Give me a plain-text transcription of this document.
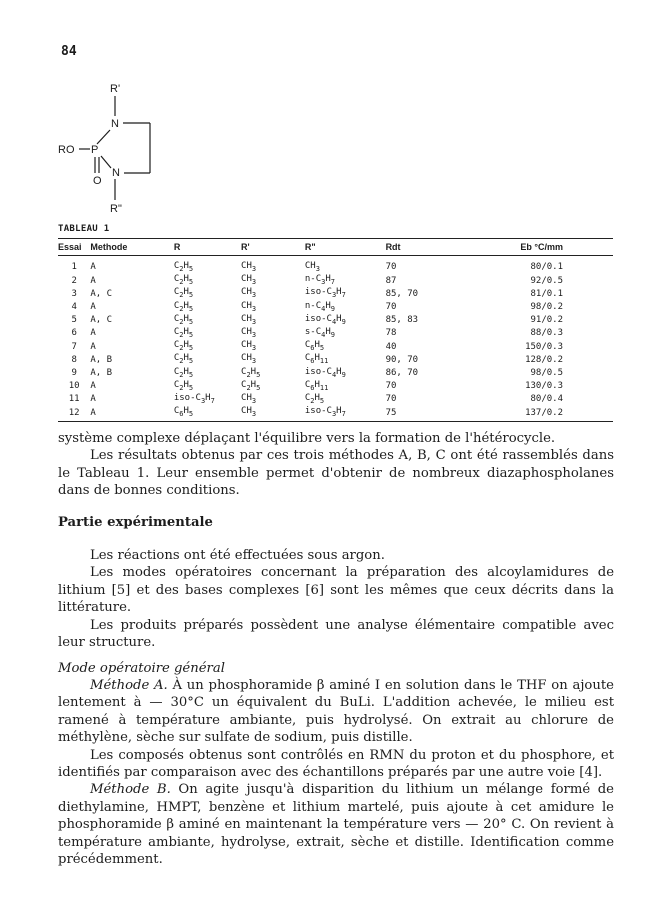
84
R'
N
RO P
O
N
R"
TABLEAU 1
Essai	Methode	R	R'	R"	Rdt	Eb °C/mm
1	A	$C_2H_5$	$CH_3$	$CH_3$	70	80/0.1
2	A	$C_2H_5$	$CH_3$	$n-C_3H_7$	87	92/0.5
3	A, C	$C_2H_5$	$CH_3$	iso-$C_3H_7$	85, 70	81/0.1
4	A	$C_2H_5$	$CH_3$	$n-C_4H_9$	70	98/0.2
5	A, C	$C_2H_5$	$CH_3$	iso-$C_4H_9$	85, 83	91/0.2
6	A	$C_2H_5$	$CH_3$	$s-C_4H_9$	78	88/0.3
7	A	$C_2H_5$	$CH_3$	$C_6H_5$	40	150/0.3
8	A, B	$C_2H_5$	$CH_3$	$C_6H_{11}$	90, 70	128/0.2
9	A, B	$C_2H_5$	$C_2H_5$	iso-$C_4H_9$	86, 70	98/0.5
10	A	$C_2H_5$	$C_2H_5$	$C_6H_{11}$	70	130/0.3
11	A	iso-$C_3H_7$	$CH_3$	$C_2H_5$	70	80/0.4
12	A	$C_6H_5$	$CH_3$	iso-$C_3H_7$	75	137/0.2

système complexe déplaçant l'équilibre vers la formation de l'hétérocycle.

Les résultats obtenus par ces trois méthodes A, B, C ont été rassemblés dans le Tableau 1. Leur ensemble permet d'obtenir de nombreux diazaphospholanes dans de bonnes conditions.

Partie expérimentale

Les réactions ont été effectuées sous argon.

Les modes opératoires concernant la préparation des alcoylamidures de lithium [5] et des bases complexes [6] sont les mêmes que ceux décrits dans la littérature.

Les produits préparés possèdent une analyse élémentaire compatible avec leur structure.

Mode opératoire général

Méthode A. À un phosphoramide β aminé I en solution dans le THF on ajoute lentement à — 30°C un équivalent du BuLi. L'addition achevée, le milieu est ramené à température ambiante, puis hydrolysé. On extrait au chlorure de méthylène, sèche sur sulfate de sodium, puis distille.

Les composés obtenus sont contrôlés en RMN du proton et du phosphore, et identifiés par comparaison avec des échantillons préparés par une autre voie [4].

Méthode B. On agite jusqu'à disparition du lithium un mélange formé de diethylamine, HMPT, benzène et lithium martelé, puis ajoute à cet amidure le phosphoramide β aminé en maintenant la température vers — 20° C. On revient à température ambiante, hydrolyse, extrait, sèche et distille. Identification comme précédemment.
